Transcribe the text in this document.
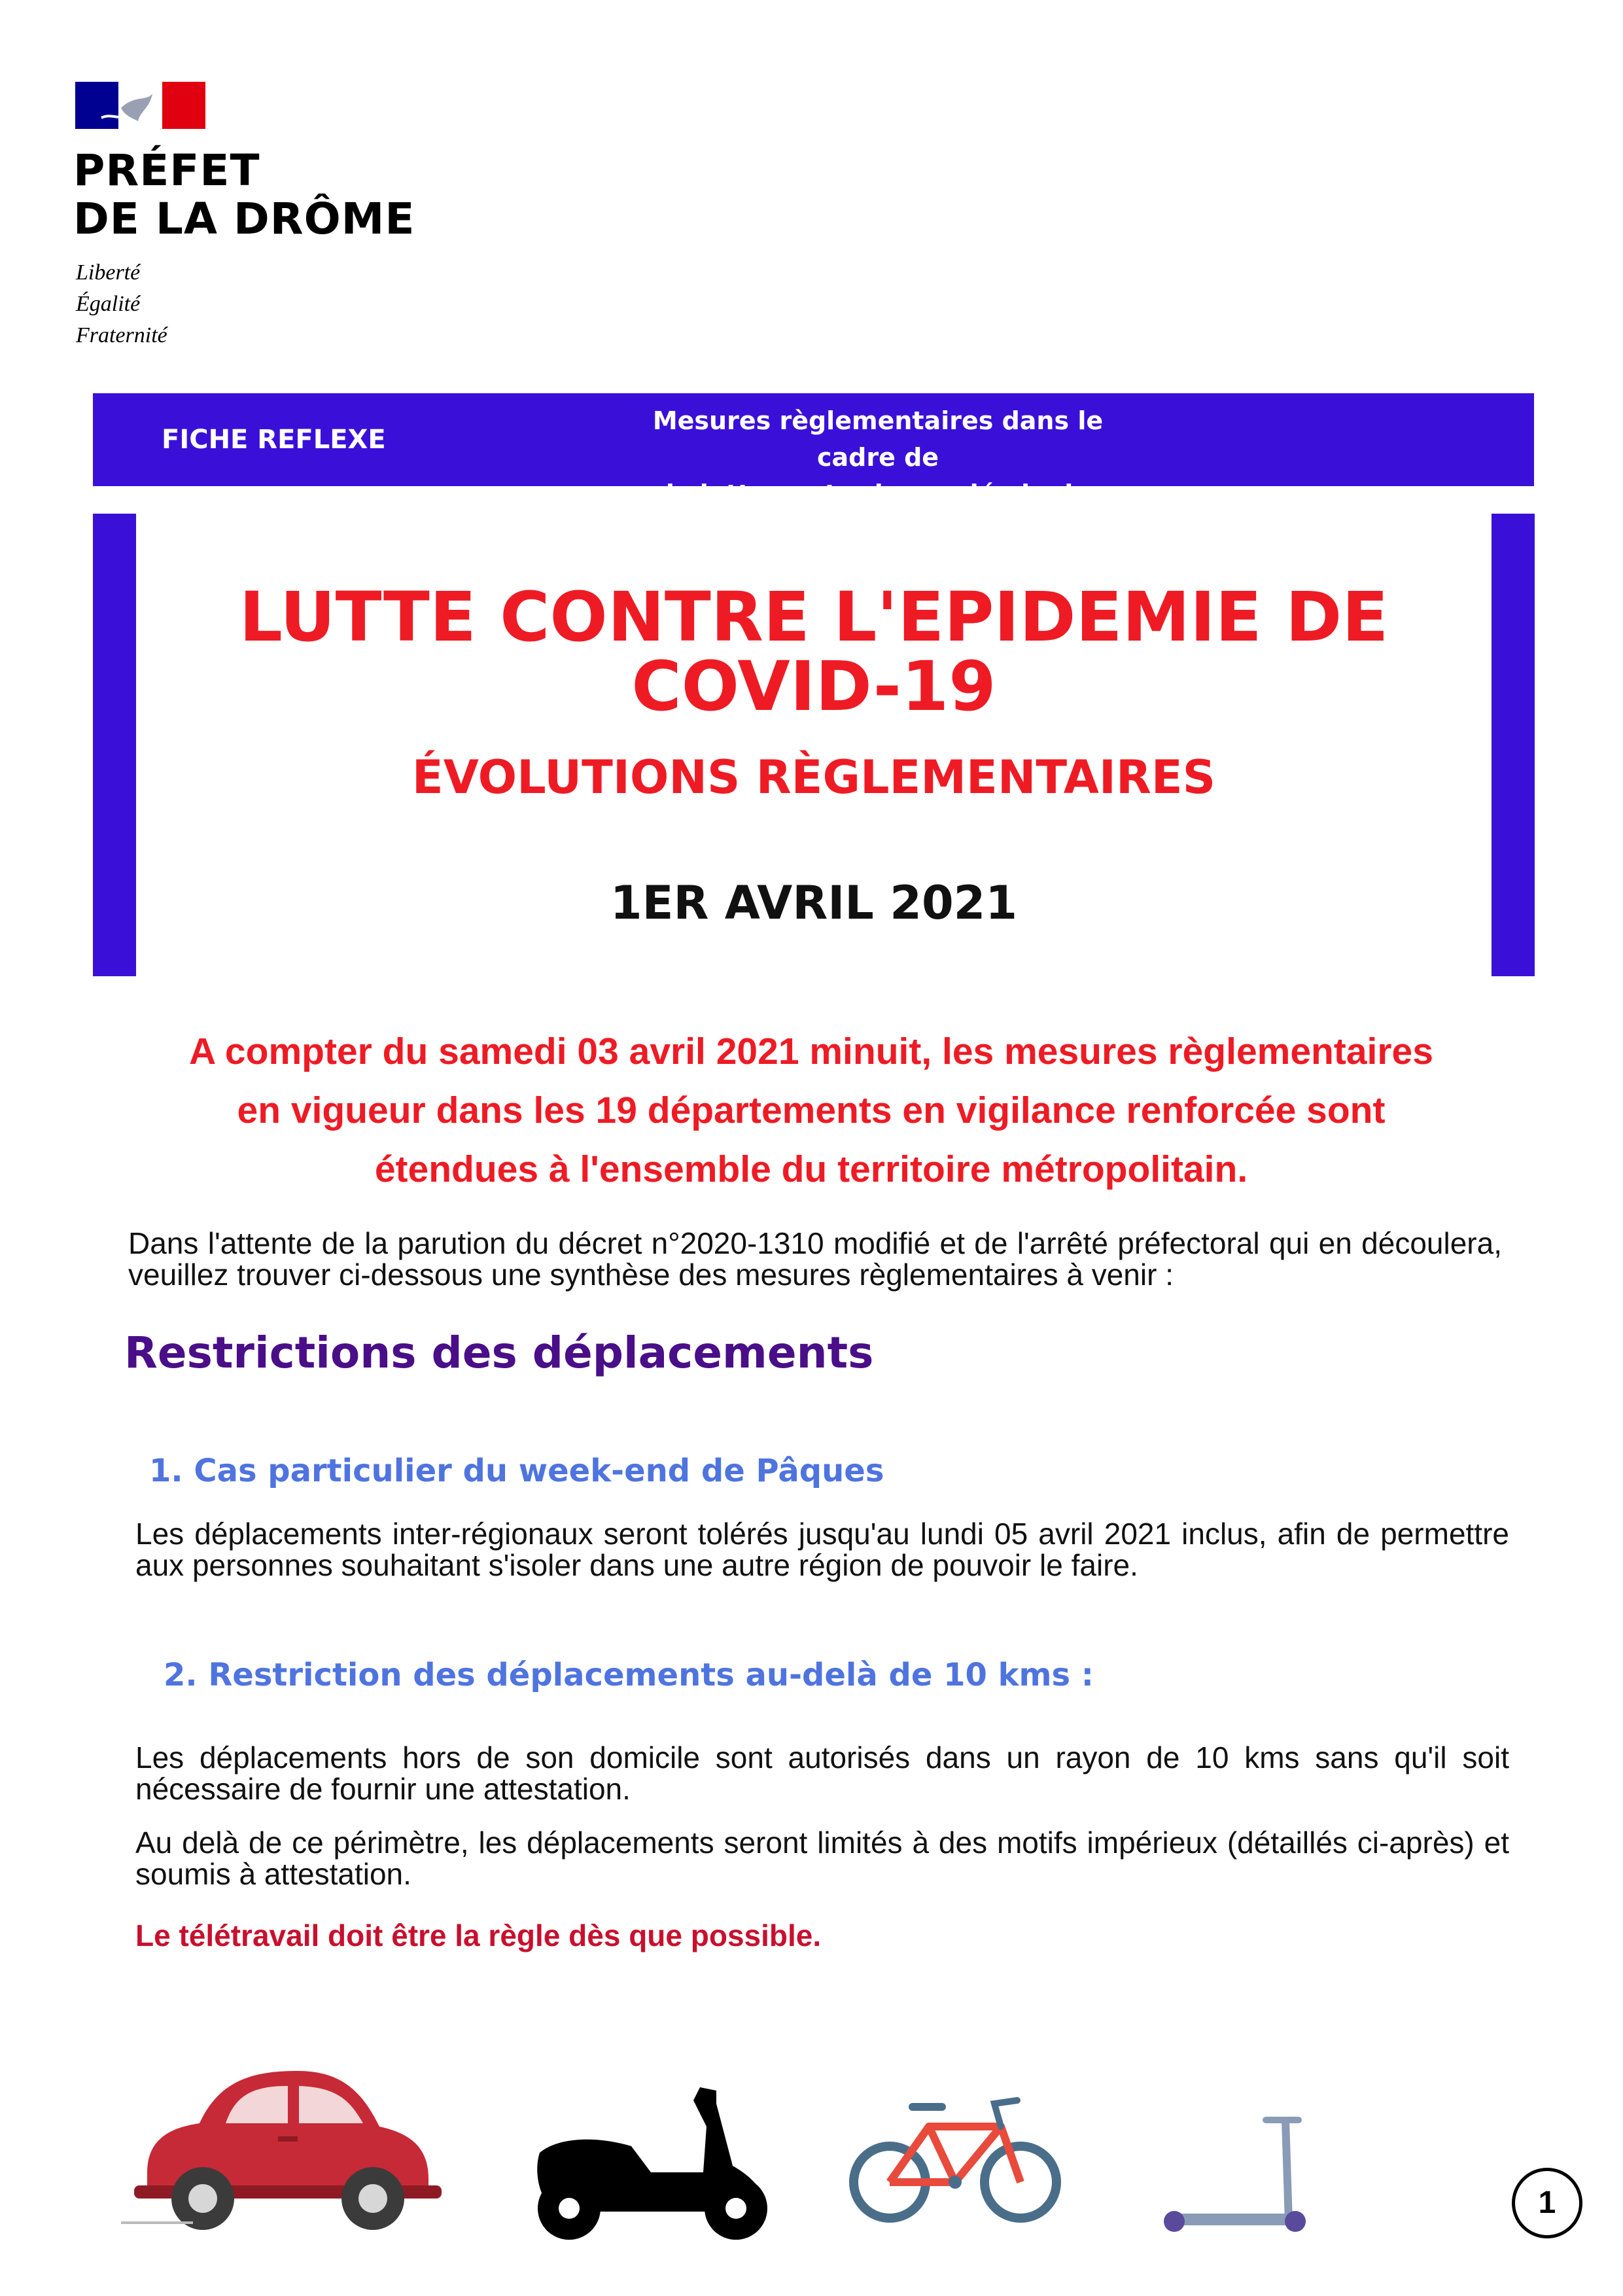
PRÉFET
DE LA DRÔME
Liberté
Égalité
Fraternité
FICHE REFLEXE
Mesures règlementaires dans le cadre de
la lutte contre la pandémie de COVID-19
LUTTE CONTRE L'EPIDEMIE DE
COVID-19
ÉVOLUTIONS RÈGLEMENTAIRES
1ER AVRIL 2021
A compter du samedi 03 avril 2021 minuit, les mesures règlementaires
en vigueur dans les 19 départements en vigilance renforcée sont
étendues à l'ensemble du territoire métropolitain.
Dans l'attente de la parution du décret n°2020-1310 modifié et de l'arrêté préfectoral qui en découlera, veuillez trouver ci-dessous une synthèse des mesures règlementaires à venir :
Restrictions des déplacements
1. Cas particulier du week-end de Pâques
Les déplacements inter-régionaux seront tolérés jusqu'au lundi 05 avril 2021 inclus, afin de permettre aux personnes souhaitant s'isoler dans une autre région de pouvoir le faire.
2. Restriction des déplacements au-delà de 10 kms :
Les déplacements hors de son domicile sont autorisés dans un rayon de 10 kms sans qu'il soit nécessaire de fournir une attestation.
Au delà de ce périmètre, les déplacements seront limités à des motifs impérieux (détaillés ci-après) et soumis à attestation.
Le télétravail doit être la règle dès que possible.
1
